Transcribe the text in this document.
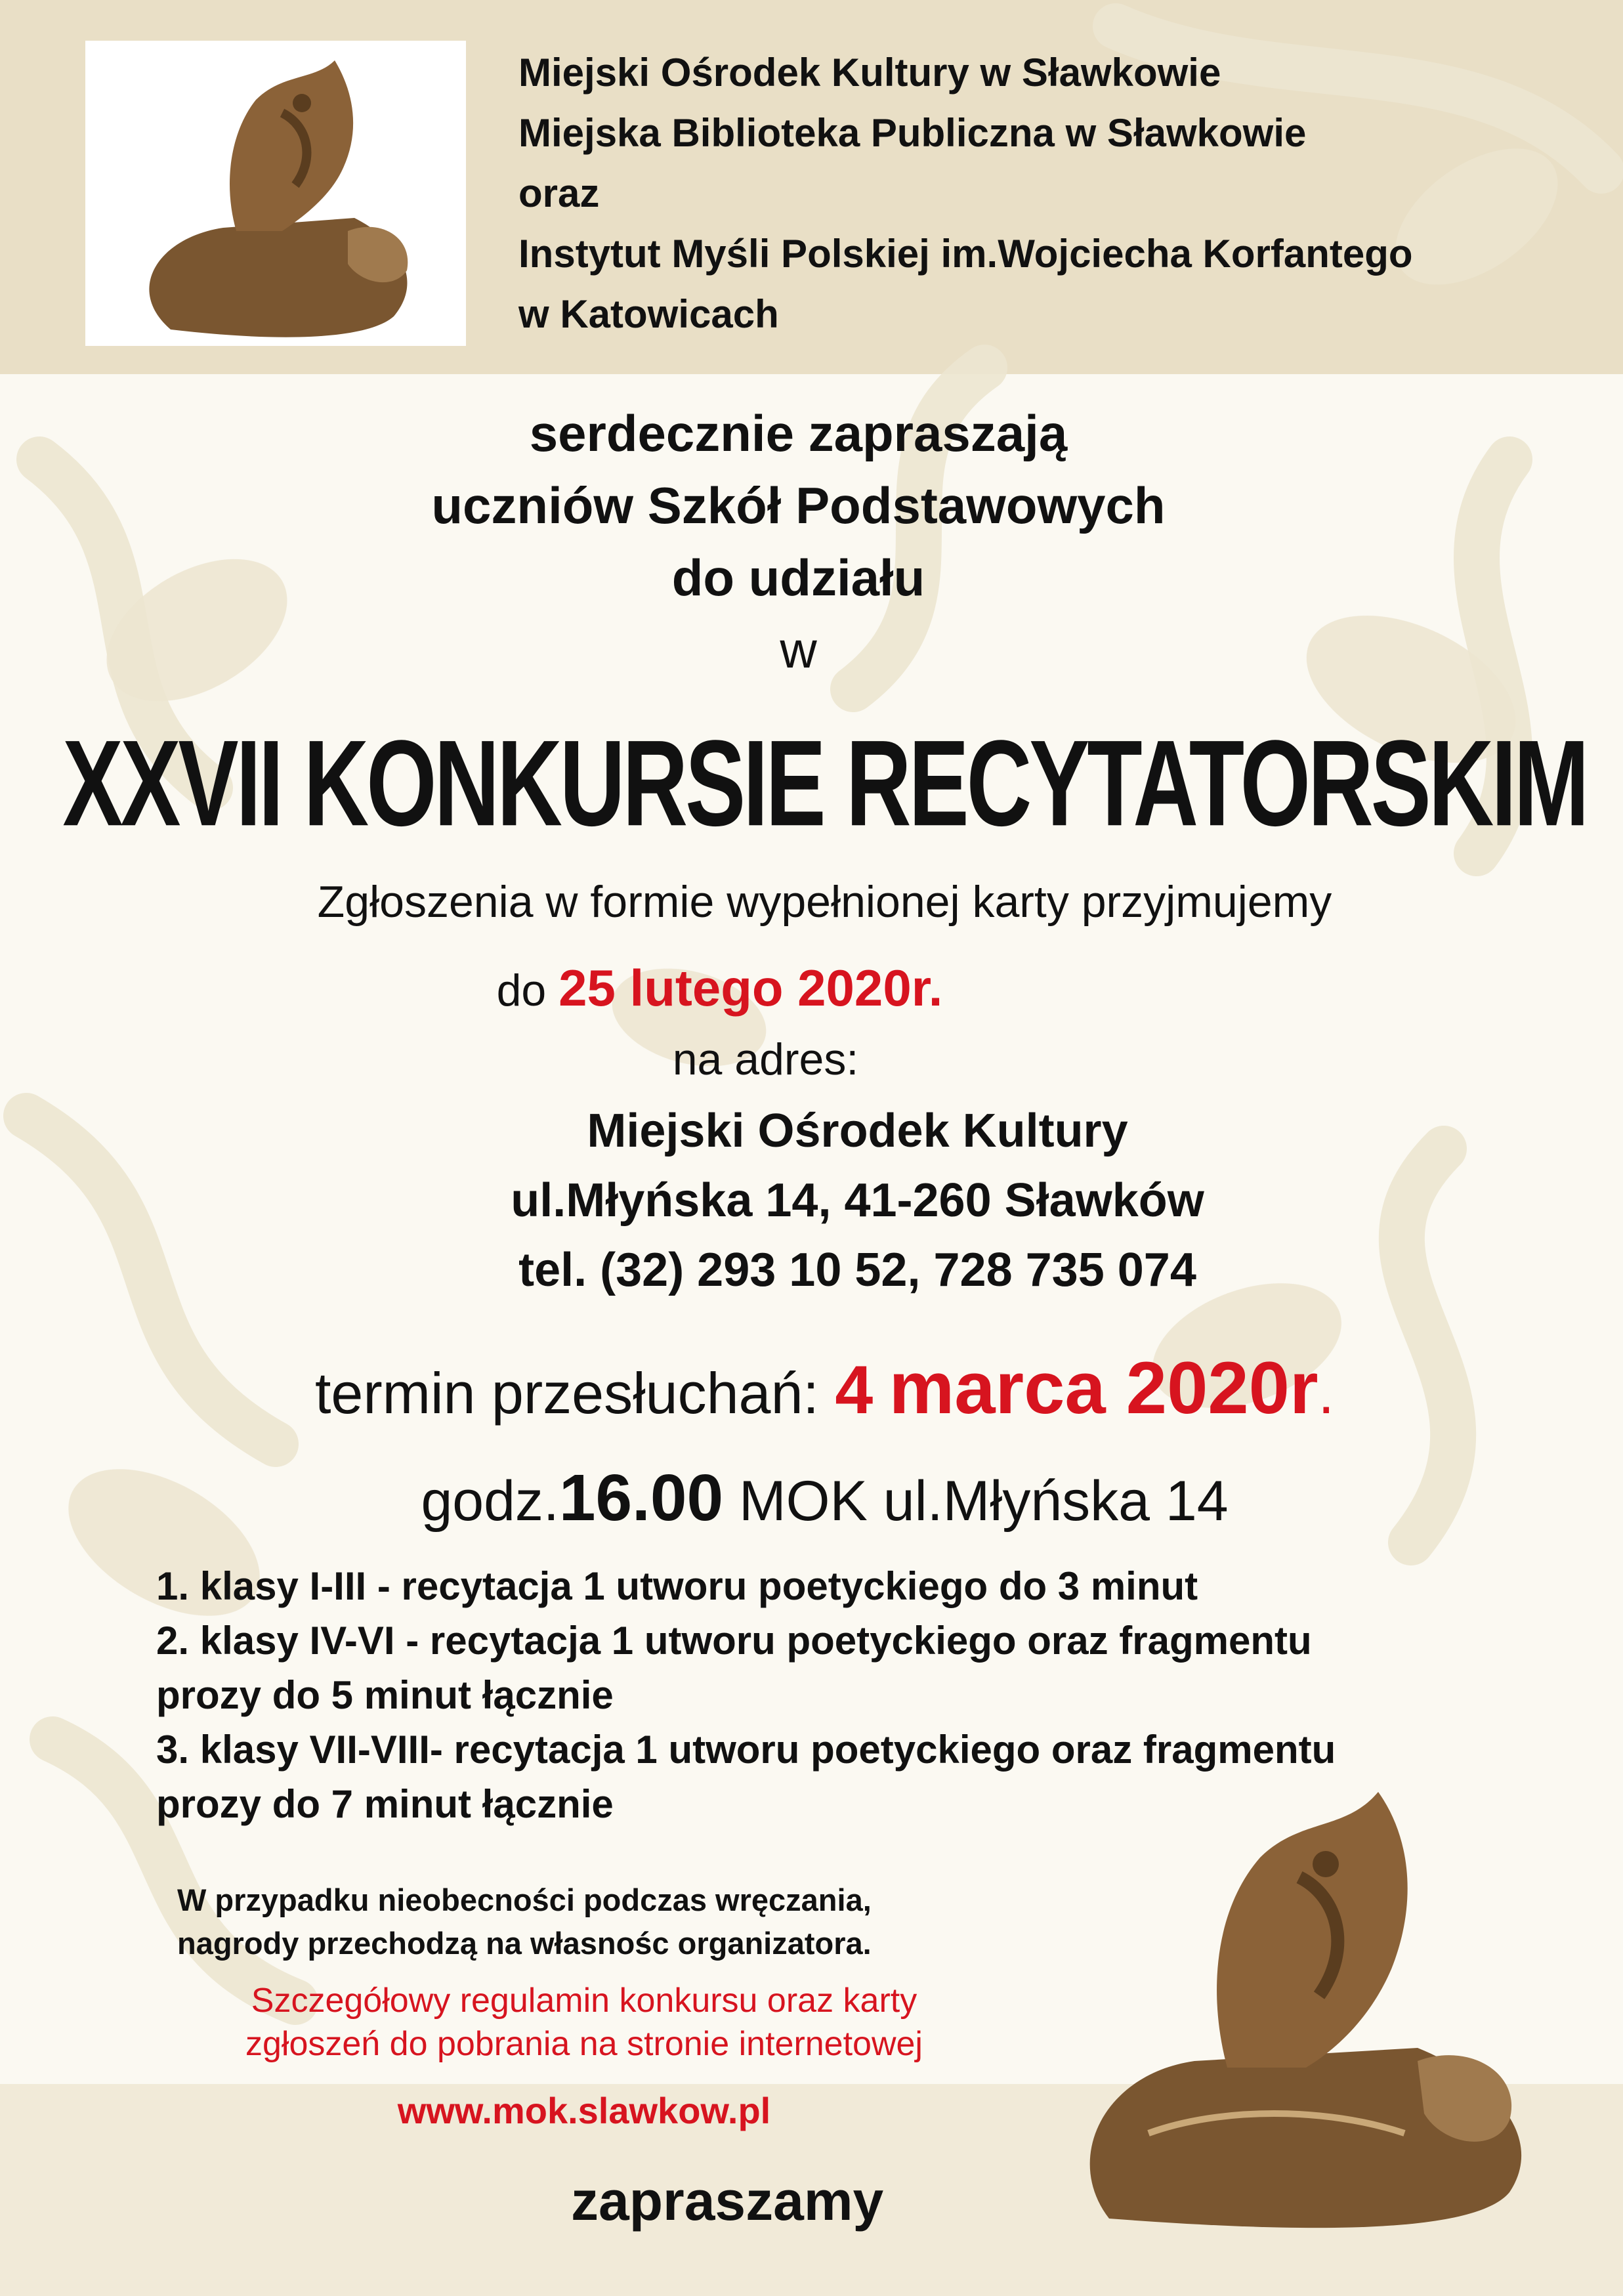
Miejski Ośrodek Kultury w Sławkowie
Miejska Biblioteka Publiczna w Sławkowie
oraz
Instytut Myśli Polskiej im.Wojciecha Korfantego
w Katowicach
serdecznie zapraszają
uczniów Szkół Podstawowych
do udziału
w
XXVII KONKURSIE RECYTATORSKIM
Zgłoszenia w formie wypełnionej karty przyjmujemy
do 25 lutego 2020r.
na adres:
Miejski Ośrodek Kultury
ul.Młyńska 14, 41-260 Sławków
tel. (32) 293 10 52, 728 735 074
termin przesłuchań: 4 marca 2020r.
godz.16.00 MOK ul.Młyńska 14
1. klasy I-III - recytacja 1 utworu poetyckiego do 3 minut
2. klasy IV-VI - recytacja 1 utworu poetyckiego oraz fragmentu
prozy do 5 minut łącznie
3. klasy VII-VIII- recytacja 1 utworu poetyckiego oraz fragmentu
prozy do 7 minut łącznie
W przypadku nieobecności podczas wręczania,
nagrody przechodzą na własnośc organizatora.
Szczegółowy regulamin konkursu oraz karty
zgłoszeń do pobrania na stronie internetowej
www.mok.slawkow.pl
zapraszamy
